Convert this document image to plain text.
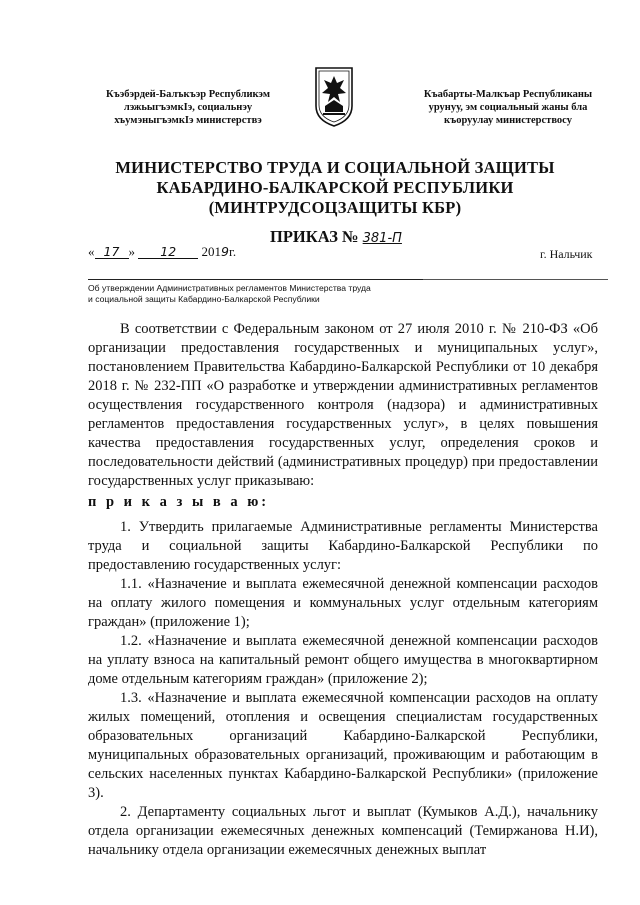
Къэбэрдей-Балъкъэр Республикэм
лэжьыгъэмкIэ, социальнэу
хъумэныгъэмкIэ министерствэ
Къабарты-Малкъар Республиканы
урунуу, эм социальный жаны бла
къоруулау министерствосу
МИНИСТЕРСТВО ТРУДА И СОЦИАЛЬНОЙ ЗАЩИТЫ
КАБАРДИНО-БАЛКАРСКОЙ РЕСПУБЛИКИ
(МИНТРУДСОЦЗАЩИТЫ КБР)
ПРИКАЗ № 381-П
« 17 » 12 2019г.	г. Нальчик
Об утверждении Административных регламентов Министерства труда
и социальной защиты Кабардино-Балкарской Республики

В соответствии с Федеральным законом от 27 июля 2010 г. № 210-ФЗ «Об организации предоставления государственных и муниципальных услуг», постановлением Правительства Кабардино-Балкарской Республики от 10 декабря 2018 г. № 232-ПП «О разработке и утверждении административных регламентов осуществления государственного контроля (надзора) и административных регламентов предоставления государственных услуг», в целях повышения качества предоставления государственных услуг, определения сроков и последовательности действий (административных процедур) при предоставлении государственных услуг приказываю:

п р и к а з ы в а ю:

1. Утвердить прилагаемые Административные регламенты Министерства труда и социальной защиты Кабардино-Балкарской Республики по предоставлению государственных услуг:

1.1. «Назначение и выплата ежемесячной денежной компенсации расходов на оплату жилого помещения и коммунальных услуг отдельным категориям граждан» (приложение 1);

1.2. «Назначение и выплата ежемесячной денежной компенсации расходов на уплату взноса на капитальный ремонт общего имущества в многоквартирном доме отдельным категориям граждан» (приложение 2);

1.3. «Назначение и выплата ежемесячной компенсации расходов на оплату жилых помещений, отопления и освещения специалистам государственных образовательных организаций Кабардино-Балкарской Республики, муниципальных образовательных организаций, проживающим и работающим в сельских населенных пунктах Кабардино-Балкарской Республики» (приложение 3).

2. Департаменту социальных льгот и выплат (Кумыков А.Д.), начальнику отдела организации ежемесячных денежных компенсаций (Темиржанова Н.И), начальнику отдела организации ежемесячных денежных выплат
